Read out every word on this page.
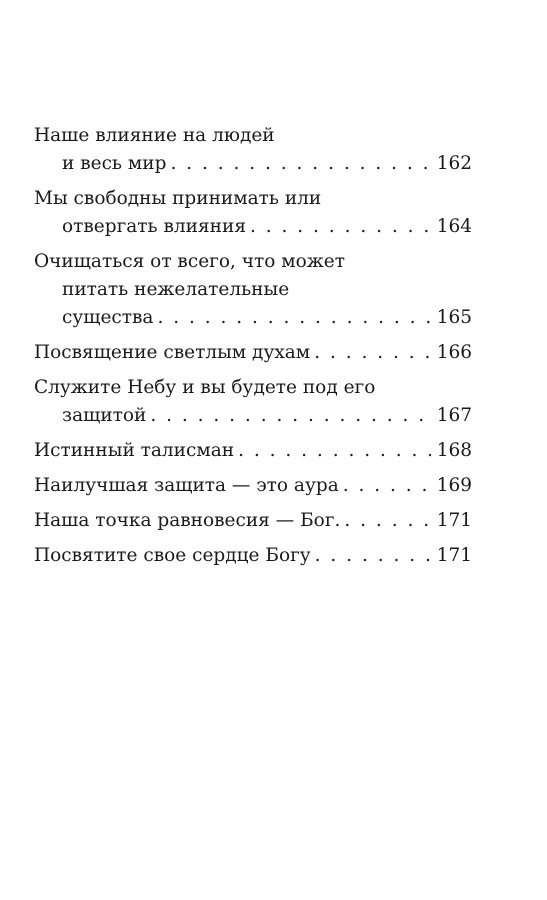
Наше влияние на людей
и весь мир . . .	162
Мы свободны принимать или
отвергать влияния . . .	164
Очищаться от всего, что может
питать нежелательные
существа . . .	165
Посвящение светлым духам . . .	166
Служите Небу и вы будете под его
защитой . . .	167
Истинный талисман . . .	168
Наилучшая защита — это аура . . .	169
Наша точка равновесия — Бог. . . .	171
Посвятите свое сердце Богу . . .	171
